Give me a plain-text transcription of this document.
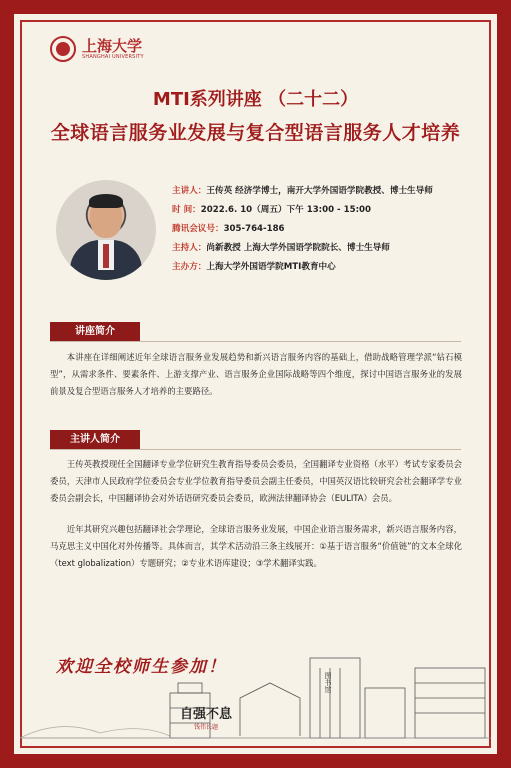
上海大学
SHANGHAI UNIVERSITY
MTI系列讲座 （二十二）
全球语言服务业发展与复合型语言服务人才培养
主讲人：王传英 经济学博士，南开大学外国语学院教授、博士生导师
时 间：2022.6. 10（周五）下午 13:00 - 15:00
腾讯会议号：305-764-186
主持人：尚新教授 上海大学外国语学院院长、博士生导师
主办方：上海大学外国语学院MTI教育中心
讲座简介
本讲座在详细阐述近年全球语言服务业发展趋势和新兴语言服务内容的基础上，借助战略管理学派“钻石模型”，从需求条件、要素条件、上游支撑产业、语言服务企业国际战略等四个维度，探讨中国语言服务业的发展前景及复合型语言服务人才培养的主要路径。
主讲人简介
王传英教授现任全国翻译专业学位研究生教育指导委员会委员，全国翻译专业资格（水平）考试专家委员会委员，天津市人民政府学位委员会专业学位教育指导委员会副主任委员，中国英汉语比较研究会社会翻译学专业委员会副会长，中国翻译协会对外话语研究委员会委员，欧洲法律翻译协会（EULITA）会员。
近年其研究兴趣包括翻译社会学理论，全球语言服务业发展，中国企业语言服务需求，新兴语言服务内容，马克思主义中国化对外传播等。具体而言，其学术活动沿三条主线展开：①基于语言服务“价值链”的文本全球化（text globalization）专题研究；②专业术语库建设；③学术翻译实践。
欢迎全校师生参加！
自强不息
钱伟长题
图书馆
